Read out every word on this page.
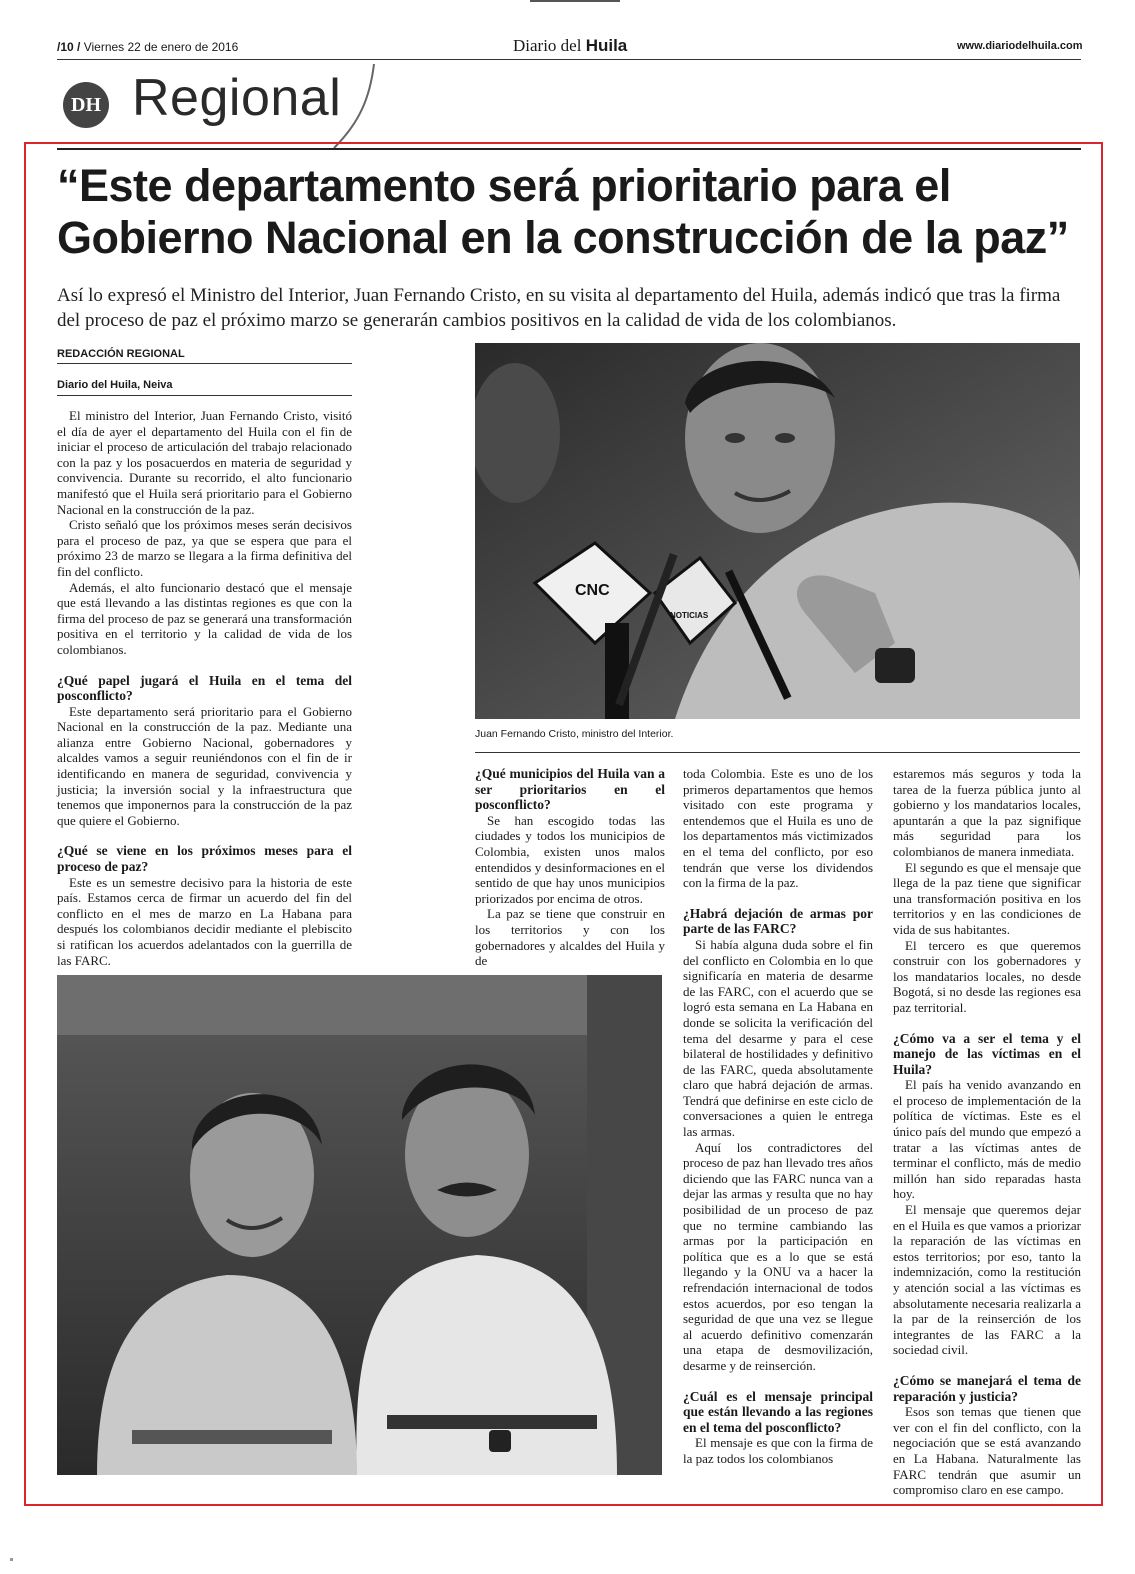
/10 / Viernes 22 de enero de 2016	Diario del Huila	www.diariodelhuila.com
DH Regional
“Este departamento será prioritario para el Gobierno Nacional en la construcción de la paz”
Así lo expresó el Ministro del Interior, Juan Fernando Cristo, en su visita al departamento del Huila, además indicó que tras la firma del proceso de paz el próximo marzo se generarán cambios positivos en la calidad de vida de los colombianos.
REDACCIÓN REGIONAL
Diario del Huila, Neiva

El ministro del Interior, Juan Fernando Cristo, visitó el día de ayer el departamento del Huila con el fin de iniciar el proceso de articulación del trabajo relacionado con la paz y los posacuerdos en materia de seguridad y convivencia. Durante su recorrido, el alto funcionario manifestó que el Huila será prioritario para el Gobierno Nacional en la construcción de la paz.

Cristo señaló que los próximos meses serán decisivos para el proceso de paz, ya que se espera que para el próximo 23 de marzo se llegara a la firma definitiva del fin del conflicto.

Además, el alto funcionario destacó que el mensaje que está llevando a las distintas regiones es que con la firma del proceso de paz se generará una transformación positiva en el territorio y la calidad de vida de los colombianos.

¿Qué papel jugará el Huila en el tema del posconflicto?

Este departamento será prioritario para el Gobierno Nacional en la construcción de la paz. Mediante una alianza entre Gobierno Nacional, gobernadores y alcaldes vamos a seguir reuniéndonos con el fin de ir identificando en manera de seguridad, convivencia y justicia; la inversión social y la infraestructura que tenemos que imponernos para la construcción de la paz que quiere el Gobierno.

¿Qué se viene en los próximos meses para el proceso de paz?

Este es un semestre decisivo para la historia de este país. Estamos cerca de firmar un acuerdo del fin del conflicto en el mes de marzo en La Habana para después los colombianos decidir mediante el plebiscito si ratifican los acuerdos adelantados con la guerrilla de las FARC.

CNC
NOTICIAS
Juan Fernando Cristo, ministro del Interior.
¿Qué municipios del Huila van a ser prioritarios en el posconflicto?

Se han escogido todas las ciudades y todos los municipios de Colombia, existen unos malos entendidos y desinformaciones en el sentido de que hay unos municipios priorizados por encima de otros.

La paz se tiene que construir en los territorios y con los gobernadores y alcaldes del Huila y de

toda Colombia. Este es uno de los primeros departamentos que hemos visitado con este programa y entendemos que el Huila es uno de los departamentos más victimizados en el tema del conflicto, por eso tendrán que verse los dividendos con la firma de la paz.

¿Habrá dejación de armas por parte de las FARC?

Si había alguna duda sobre el fin del conflicto en Colombia en lo que significaría en materia de desarme de las FARC, con el acuerdo que se logró esta semana en La Habana en donde se solicita la verificación del tema del desarme y para el cese bilateral de hostilidades y definitivo de las FARC, queda absolutamente claro que habrá dejación de armas. Tendrá que definirse en este ciclo de conversaciones a quien le entrega las armas.

Aquí los contradictores del proceso de paz han llevado tres años diciendo que las FARC nunca van a dejar las armas y resulta que no hay posibilidad de un proceso de paz que no termine cambiando las armas por la participación en política que es a lo que se está llegando y la ONU va a hacer la refrendación internacional de todos estos acuerdos, por eso tengan la seguridad de que una vez se llegue al acuerdo definitivo comenzarán una etapa de desmovilización, desarme y de reinserción.

¿Cuál es el mensaje principal que están llevando a las regiones en el tema del posconflicto?

El mensaje es que con la firma de la paz todos los colombianos

estaremos más seguros y toda la tarea de la fuerza pública junto al gobierno y los mandatarios locales, apuntarán a que la paz signifique más seguridad para los colombianos de manera inmediata.

El segundo es que el mensaje que llega de la paz tiene que significar una transformación positiva en los territorios y en las condiciones de vida de sus habitantes.

El tercero es que queremos construir con los gobernadores y los mandatarios locales, no desde Bogotá, si no desde las regiones esa paz territorial.

¿Cómo va a ser el tema y el manejo de las víctimas en el Huila?

El país ha venido avanzando en el proceso de implementación de la política de víctimas. Este es el único país del mundo que empezó a tratar a las víctimas antes de terminar el conflicto, más de medio millón han sido reparadas hasta hoy.

El mensaje que queremos dejar en el Huila es que vamos a priorizar la reparación de las víctimas en estos territorios; por eso, tanto la indemnización, como la restitución y atención social a las víctimas es absolutamente necesaria realizarla a la par de la reinserción de los integrantes de las FARC a la sociedad civil.

¿Cómo se manejará el tema de reparación y justicia?

Esos son temas que tienen que ver con el fin del conflicto, con la negociación que se está avanzando en La Habana. Naturalmente las FARC tendrán que asumir un compromiso claro en ese campo.
